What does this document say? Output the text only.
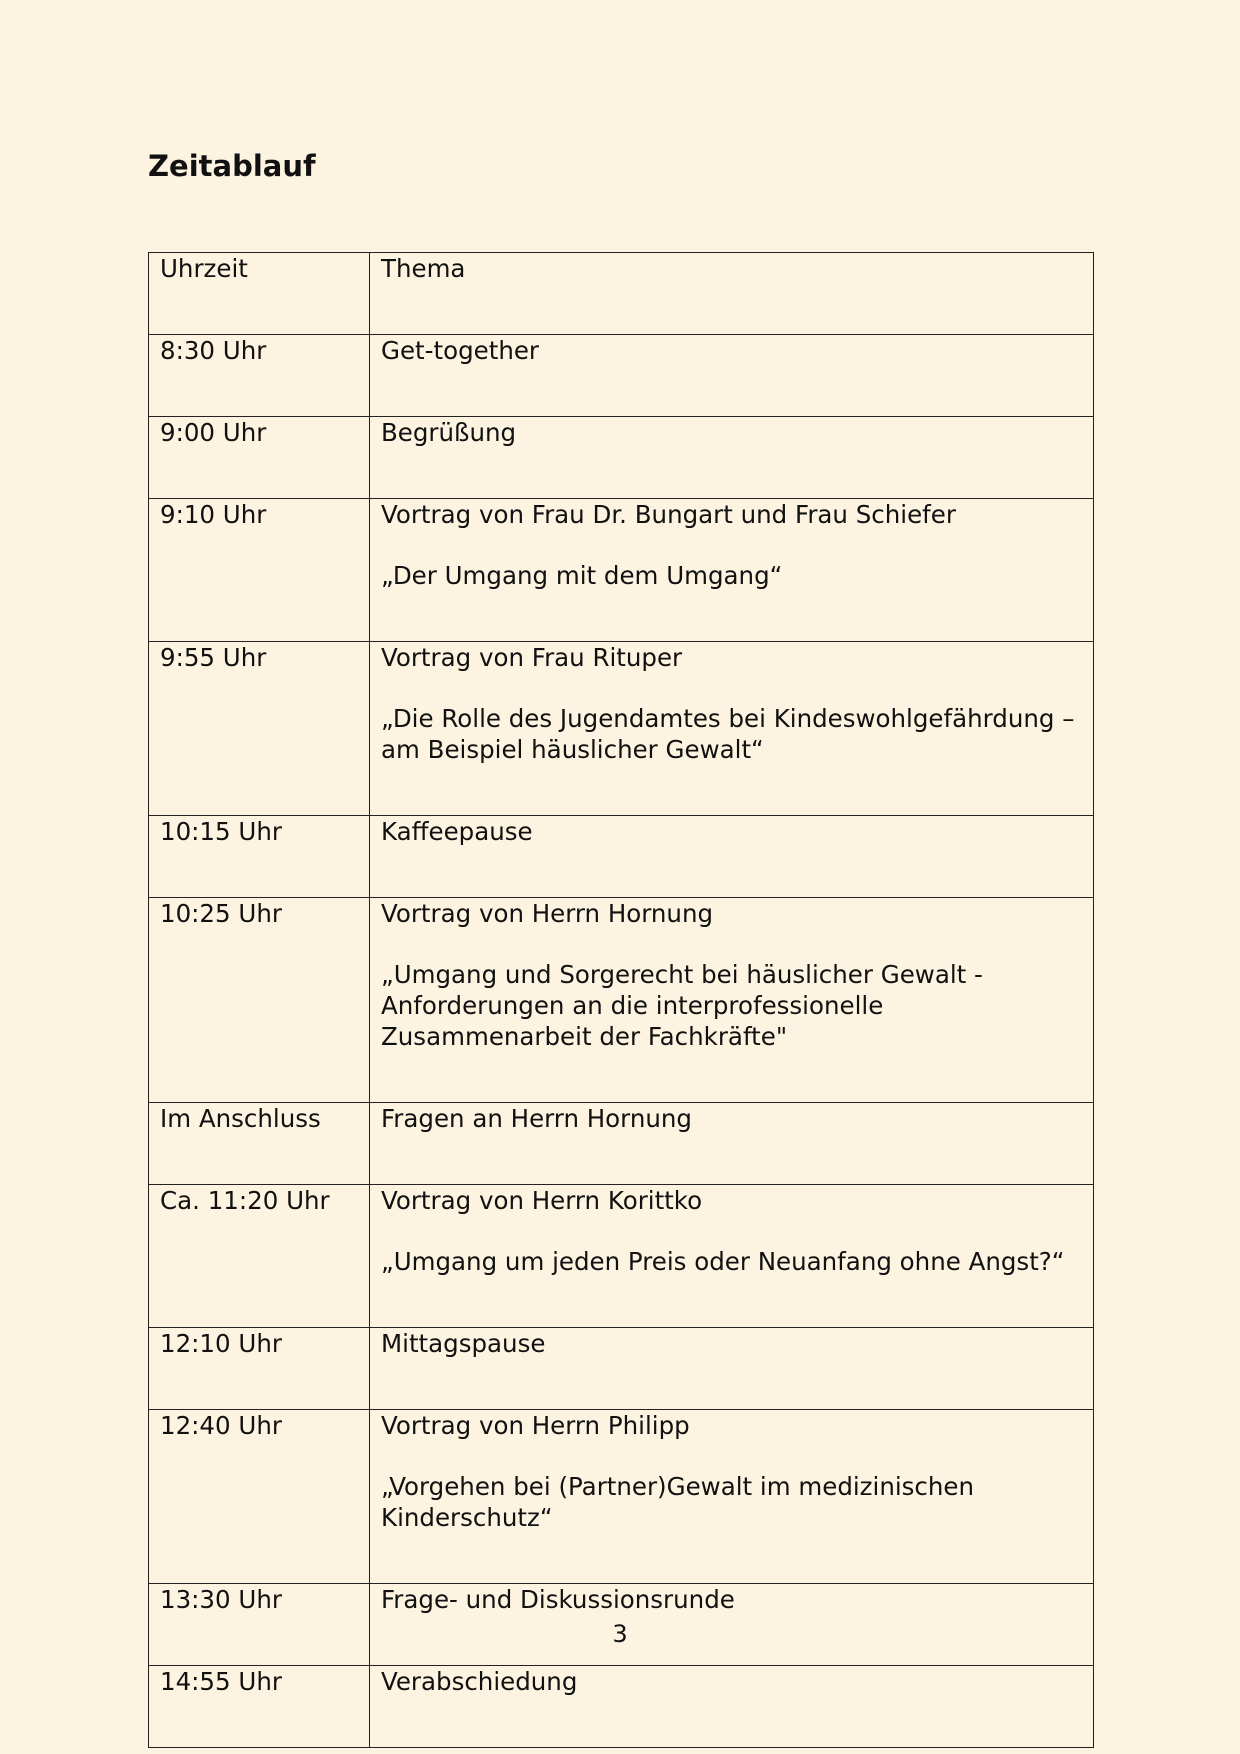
Zeitablauf
Uhrzeit	Thema
8:30 Uhr	Get-together

9:00 Uhr	Begrüßung

9:10 Uhr	Vortrag von Frau Dr. Bungart und Frau Schiefer
„Der Umgang mit dem Umgang“

9:55 Uhr	Vortrag von Frau Rituper
„Die Rolle des Jugendamtes bei Kindeswohlgefährdung – am Beispiel häuslicher Gewalt“

10:15 Uhr	Kaffeepause

10:25 Uhr	Vortrag von Herrn Hornung
„Umgang und Sorgerecht bei häuslicher Gewalt - Anforderungen an die interprofessionelle Zusammenarbeit der Fachkräfte"

Im Anschluss	Fragen an Herrn Hornung

Ca. 11:20 Uhr	Vortrag von Herrn Korittko
„Umgang um jeden Preis oder Neuanfang ohne Angst?“

12:10 Uhr	Mittagspause

12:40 Uhr	Vortrag von Herrn Philipp
„Vorgehen bei (Partner)Gewalt im medizinischen Kinderschutz“

13:30 Uhr	Frage- und Diskussionsrunde

14:55 Uhr	Verabschiedung
3
